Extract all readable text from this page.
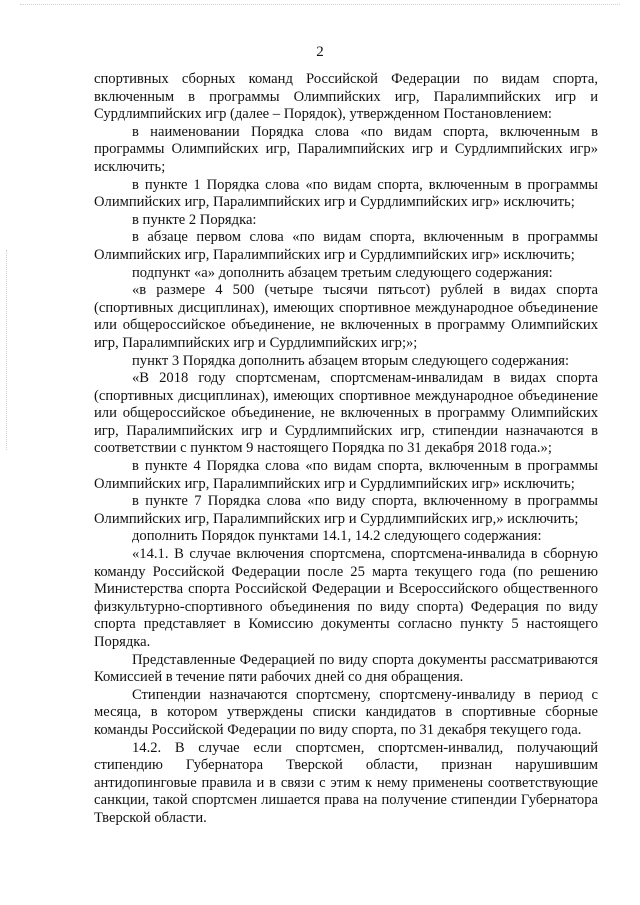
2

спортивных сборных команд Российской Федерации по видам спорта, включенным в программы Олимпийских игр, Паралимпийских игр и Сурдлимпийских игр (далее – Порядок), утвержденном Постановлением:

в наименовании Порядка слова «по видам спорта, включенным в программы Олимпийских игр, Паралимпийских игр и Сурдлимпийских игр» исключить;

в пункте 1 Порядка слова «по видам спорта, включенным в программы Олимпийских игр, Паралимпийских игр и Сурдлимпийских игр» исключить;

в пункте 2 Порядка:

в абзаце первом слова «по видам спорта, включенным в программы Олимпийских игр, Паралимпийских игр и Сурдлимпийских игр» исключить;

подпункт «а» дополнить абзацем третьим следующего содержания:

«в размере 4 500 (четыре тысячи пятьсот) рублей в видах спорта (спортивных дисциплинах), имеющих спортивное международное объединение или общероссийское объединение, не включенных в программу Олимпийских игр, Паралимпийских игр и Сурдлимпийских игр;»;

пункт 3 Порядка дополнить абзацем вторым следующего содержания:

«В 2018 году спортсменам, спортсменам-инвалидам в видах спорта (спортивных дисциплинах), имеющих спортивное международное объединение или общероссийское объединение, не включенных в программу Олимпийских игр, Паралимпийских игр и Сурдлимпийских игр, стипендии назначаются в соответствии с пунктом 9 настоящего Порядка по 31 декабря 2018 года.»;

в пункте 4 Порядка слова «по видам спорта, включенным в программы Олимпийских игр, Паралимпийских игр и Сурдлимпийских игр» исключить;

в пункте 7 Порядка слова «по виду спорта, включенному в программы Олимпийских игр, Паралимпийских игр и Сурдлимпийских игр,» исключить;

дополнить Порядок пунктами 14.1, 14.2 следующего содержания:

«14.1. В случае включения спортсмена, спортсмена-инвалида в сборную команду Российской Федерации после 25 марта текущего года (по решению Министерства спорта Российской Федерации и Всероссийского общественного физкультурно-спортивного объединения по виду спорта) Федерация по виду спорта представляет в Комиссию документы согласно пункту 5 настоящего Порядка.

Представленные Федерацией по виду спорта документы рассматриваются Комиссией в течение пяти рабочих дней со дня обращения.

Стипендии назначаются спортсмену, спортсмену-инвалиду в период с месяца, в котором утверждены списки кандидатов в спортивные сборные команды Российской Федерации по виду спорта, по 31 декабря текущего года.

14.2. В случае если спортсмен, спортсмен-инвалид, получающий стипендию Губернатора Тверской области, признан нарушившим антидопинговые правила и в связи с этим к нему применены соответствующие санкции, такой спортсмен лишается права на получение стипендии Губернатора Тверской области.
